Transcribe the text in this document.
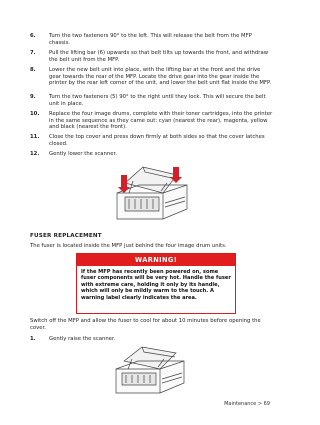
6.	Turn the two fasteners 90° to the left. This will release the belt from the MFP chassis.
7.	Pull the lifting bar (6) upwards so that belt tilts up towards the front, and withdraw the belt unit from the MFP.
8.	Lower the new belt unit into place, with the lifting bar at the front and the drive gear towards the rear of the MFP. Locate the drive gear into the gear inside the printer by the rear left corner of the unit, and lower the belt unit flat inside the MFP.
9.	Turn the two fasteners (5) 90° to the right until they lock. This will secure the belt unit in place.
10. Replace the four image drums, complete with their toner cartridges, into the printer in the same sequence as they came out: cyan (nearest the rear), magenta, yellow and black (nearest the front).
11. Close the top cover and press down firmly at both sides so that the cover latches closed.
12. Gently lower the scanner.
FUSER REPLACEMENT
The fuser is located inside the MFP just behind the four image drum units.
WARNING!
If the MFP has recently been powered on, some fuser components will be very hot. Handle the fuser with extreme care, holding it only by its handle, which will only be mildly warm to the touch. A warning label clearly indicates the area.
Switch off the MFP and allow the fuser to cool for about 10 minutes before opening the cover.
1.	Gently raise the scanner.
Maintenance > 69
